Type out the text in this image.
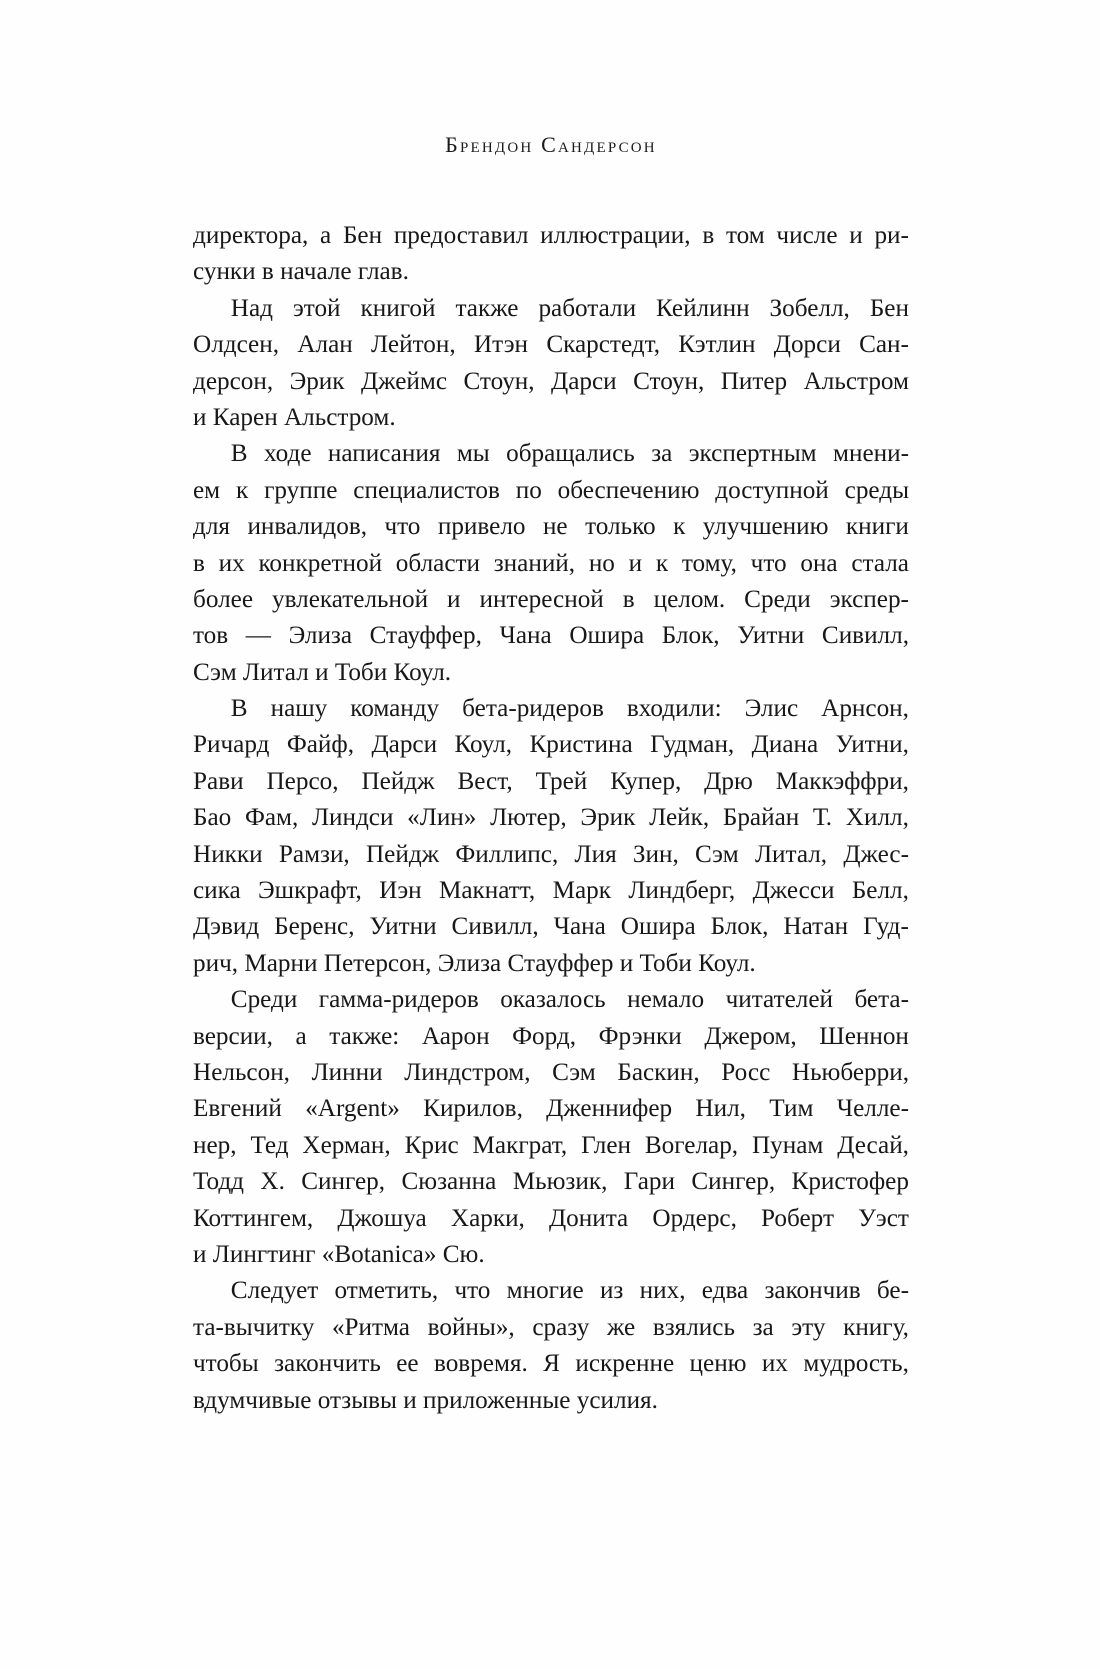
Брендон Сандерсон

директора, а Бен предоставил иллюстрации, в том числе и ри-
сунки в начале глав.

  Над этой книгой также работали Кейлинн Зобелл, Бен
Олдсен, Алан Лейтон, Итэн Скарстедт, Кэтлин Дорси Сан-
дерсон, Эрик Джеймс Стоун, Дарси Стоун, Питер Альстром
и Карен Альстром.

  В ходе написания мы обращались за экспертным мнени-
ем к группе специалистов по обеспечению доступной среды
для инвалидов, что привело не только к улучшению книги
в их конкретной области знаний, но и к тому, что она стала
более увлекательной и интересной в целом. Среди экспер-
тов — Элиза Стауффер, Чана Ошира Блок, Уитни Сивилл,
Сэм Литал и Тоби Коул.

  В нашу команду бета-ридеров входили: Элис Арнсон,
Ричард Файф, Дарси Коул, Кристина Гудман, Диана Уитни,
Рави Персо, Пейдж Вест, Трей Купер, Дрю Маккэффри,
Бао Фам, Линдси «Лин» Лютер, Эрик Лейк, Брайан Т. Хилл,
Никки Рамзи, Пейдж Филлипс, Лия Зин, Сэм Литал, Джес-
сика Эшкрафт, Иэн Макнатт, Марк Линдберг, Джесси Белл,
Дэвид Беренс, Уитни Сивилл, Чана Ошира Блок, Натан Гуд-
рич, Марни Петерсон, Элиза Стауффер и Тоби Коул.

  Среди гамма-ридеров оказалось немало читателей бета-
версии, а также: Аарон Форд, Фрэнки Джером, Шеннон
Нельсон, Линни Линдстром, Сэм Баскин, Росс Ньюберри,
Евгений «Argent» Кирилов, Дженнифер Нил, Тим Челле-
нер, Тед Херман, Крис Макграт, Глен Вогелар, Пунам Десай,
Тодд Х. Сингер, Сюзанна Мьюзик, Гари Сингер, Кристофер
Коттингем, Джошуа Харки, Донита Ордерс, Роберт Уэст
и Лингтинг «Botanica» Сю.

  Следует отметить, что многие из них, едва закончив бе-
та-вычитку «Ритма войны», сразу же взялись за эту книгу,
чтобы закончить ее вовремя. Я искренне ценю их мудрость,
вдумчивые отзывы и приложенные усилия.
